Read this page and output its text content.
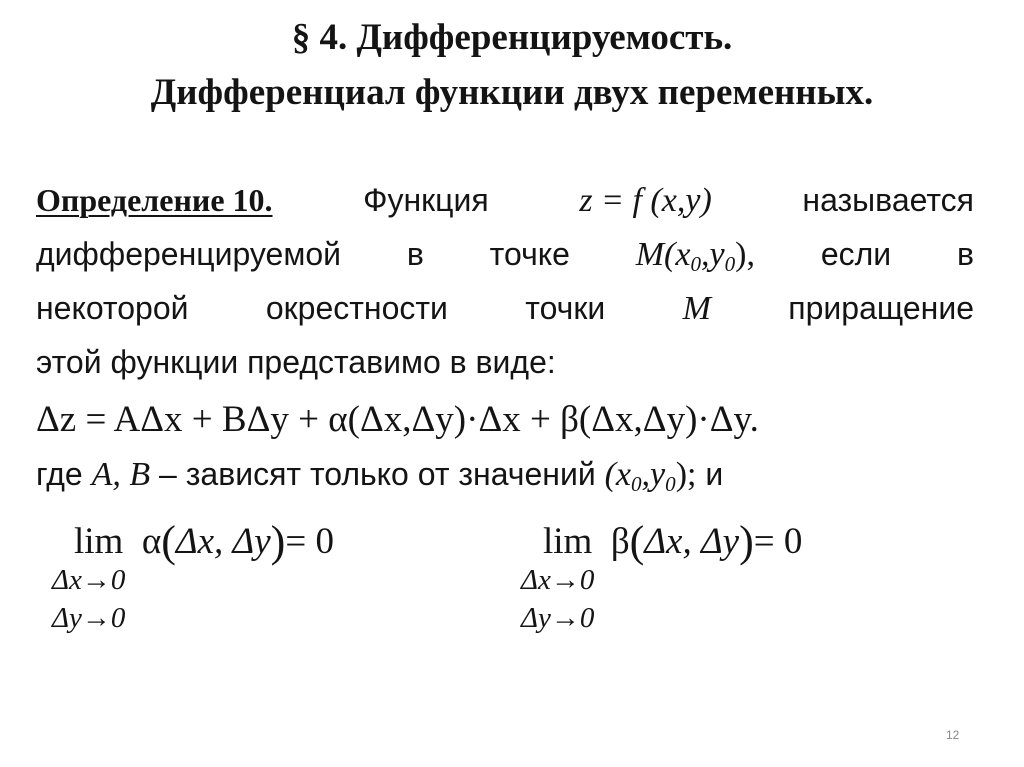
§ 4. Дифференцируемость.
Дифференциал функции двух переменных.
Определение 10.	Функция	z = f (x,y)	называется
дифференцируемой в точке $M(x_0,y_0)$, если в
некоторой окрестности точки M приращение
этой функции представимо в виде:
Δz = AΔx + BΔy + α(Δx,Δy)·Δx + β(Δx,Δy)·Δy.
где A, B – зависят только от значений $(x_0,y_0)$; и
lim α(Δx, Δy)= 0
Δx→0
Δy→0
lim β(Δx, Δy)= 0
Δx→0
Δy→0
12
